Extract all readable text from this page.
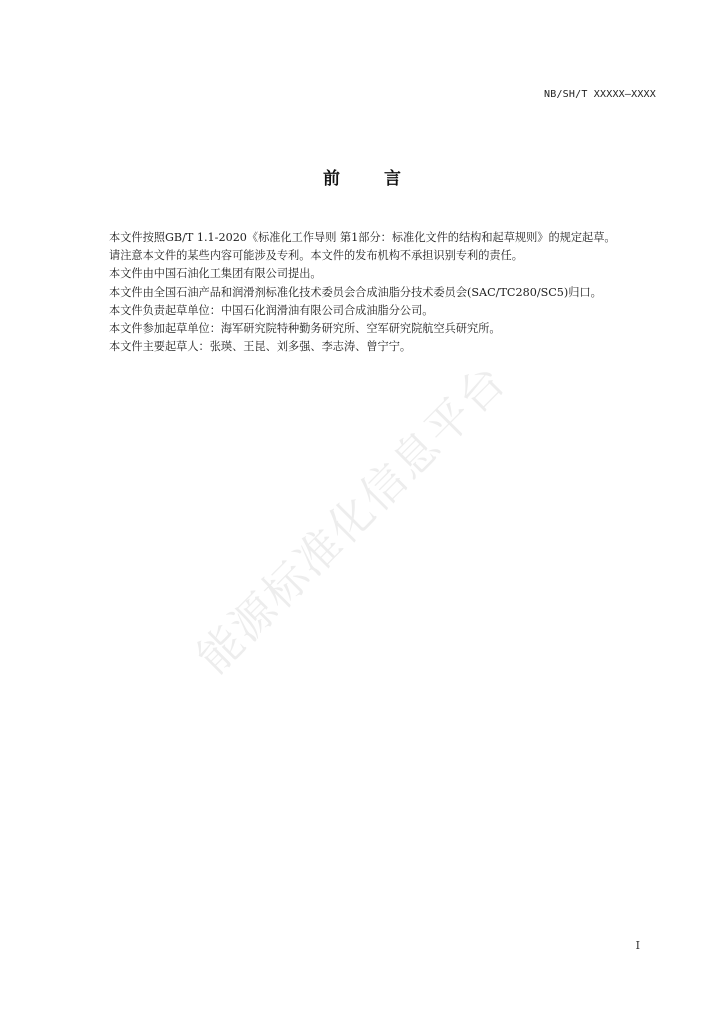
NB/SH/T XXXXX—XXXX
前言

本文件按照GB/T 1.1-2020《标准化工作导则 第1部分：标准化文件的结构和起草规则》的规定起草。

请注意本文件的某些内容可能涉及专利。本文件的发布机构不承担识别专利的责任。

本文件由中国石油化工集团有限公司提出。

本文件由全国石油产品和润滑剂标准化技术委员会合成油脂分技术委员会(SAC/TC280/SC5)归口。

本文件负责起草单位：中国石化润滑油有限公司合成油脂分公司。

本文件参加起草单位：海军研究院特种勤务研究所、空军研究院航空兵研究所。

本文件主要起草人：张瑛、王昆、刘多强、李志涛、曾宁宁。

能源标准化信息平台
I
